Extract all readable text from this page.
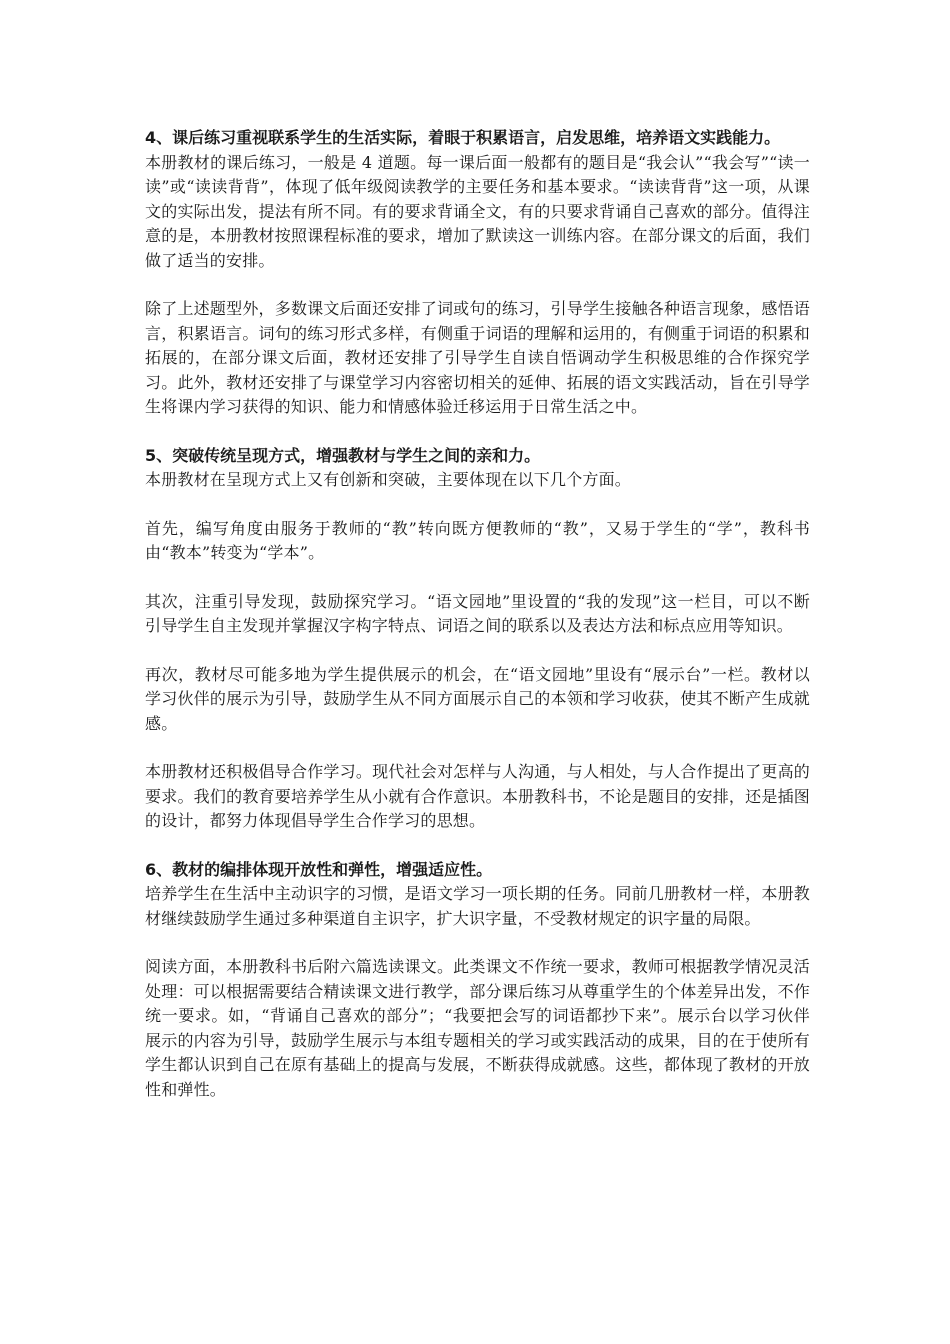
4、课后练习重视联系学生的生活实际，着眼于积累语言，启发思维，培养语文实践能力。

本册教材的课后练习，一般是 4 道题。每一课后面一般都有的题目是“我会认”“我会写”“读一读”或“读读背背”，体现了低年级阅读教学的主要任务和基本要求。“读读背背”这一项，从课文的实际出发，提法有所不同。有的要求背诵全文，有的只要求背诵自己喜欢的部分。值得注意的是，本册教材按照课程标准的要求，增加了默读这一训练内容。在部分课文的后面，我们做了适当的安排。

除了上述题型外，多数课文后面还安排了词或句的练习，引导学生接触各种语言现象，感悟语言，积累语言。词句的练习形式多样，有侧重于词语的理解和运用的，有侧重于词语的积累和拓展的，在部分课文后面，教材还安排了引导学生自读自悟调动学生积极思维的合作探究学习。此外，教材还安排了与课堂学习内容密切相关的延伸、拓展的语文实践活动，旨在引导学生将课内学习获得的知识、能力和情感体验迁移运用于日常生活之中。

5、突破传统呈现方式，增强教材与学生之间的亲和力。

本册教材在呈现方式上又有创新和突破，主要体现在以下几个方面。

首先，编写角度由服务于教师的“教”转向既方便教师的“教”，又易于学生的“学”，教科书由“教本”转变为“学本”。

其次，注重引导发现，鼓励探究学习。“语文园地”里设置的“我的发现”这一栏目，可以不断引导学生自主发现并掌握汉字构字特点、词语之间的联系以及表达方法和标点应用等知识。

再次，教材尽可能多地为学生提供展示的机会，在“语文园地”里设有“展示台”一栏。教材以学习伙伴的展示为引导，鼓励学生从不同方面展示自己的本领和学习收获，使其不断产生成就感。

本册教材还积极倡导合作学习。现代社会对怎样与人沟通，与人相处，与人合作提出了更高的要求。我们的教育要培养学生从小就有合作意识。本册教科书，不论是题目的安排，还是插图的设计，都努力体现倡导学生合作学习的思想。

6、教材的编排体现开放性和弹性，增强适应性。

培养学生在生活中主动识字的习惯，是语文学习一项长期的任务。同前几册教材一样，本册教材继续鼓励学生通过多种渠道自主识字，扩大识字量，不受教材规定的识字量的局限。

阅读方面，本册教科书后附六篇选读课文。此类课文不作统一要求，教师可根据教学情况灵活处理：可以根据需要结合精读课文进行教学，部分课后练习从尊重学生的个体差异出发，不作统一要求。如，“背诵自己喜欢的部分”；“我要把会写的词语都抄下来”。展示台以学习伙伴展示的内容为引导，鼓励学生展示与本组专题相关的学习或实践活动的成果，目的在于使所有学生都认识到自己在原有基础上的提高与发展，不断获得成就感。这些，都体现了教材的开放性和弹性。
